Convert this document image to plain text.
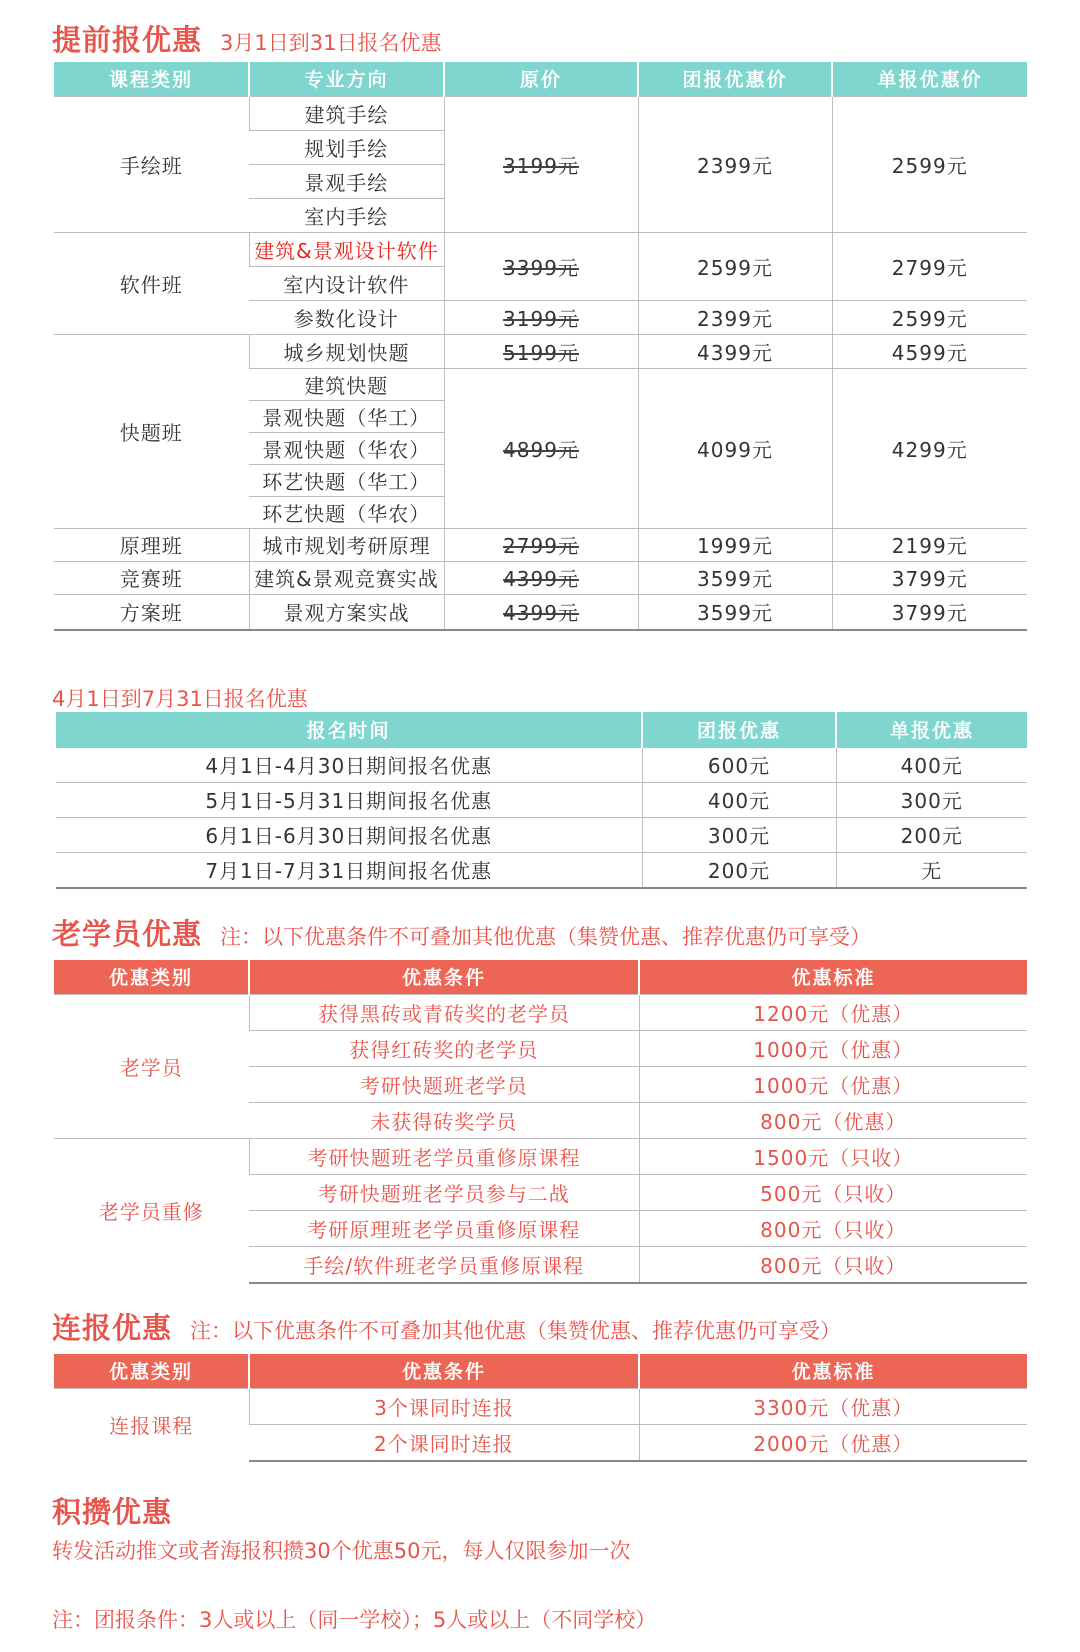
提前报优惠 3月1日到31日报名优惠
课程类别	专业方向	原价	团报优惠价	单报优惠价
手绘班	建筑手绘	3199元	2399元	2599元
	规划手绘			
	景观手绘			
	室内手绘			
软件班	建筑&景观设计软件	3399元	2599元	2799元
	室内设计软件			
	参数化设计	3199元	2399元	2599元
快题班	城乡规划快题	5199元	4399元	4599元
	建筑快题	4899元	4099元	4299元
	景观快题（华工）			
	景观快题（华农）			
	环艺快题（华工）			
	环艺快题（华农）			
原理班	城市规划考研原理	2799元	1999元	2199元
竞赛班	建筑&景观竞赛实战	4399元	3599元	3799元
方案班	景观方案实战	4399元	3599元	3799元
4月1日到7月31日报名优惠
报名时间	团报优惠	单报优惠
4月1日-4月30日期间报名优惠	600元	400元
5月1日-5月31日期间报名优惠	400元	300元
6月1日-6月30日期间报名优惠	300元	200元
7月1日-7月31日期间报名优惠	200元	无
老学员优惠 注：以下优惠条件不可叠加其他优惠（集赞优惠、推荐优惠仍可享受）
优惠类别	优惠条件	优惠标准
老学员	获得黑砖或青砖奖的老学员	1200元（优惠）
	获得红砖奖的老学员	1000元（优惠）
	考研快题班老学员	1000元（优惠）
	未获得砖奖学员	800元（优惠）
老学员重修	考研快题班老学员重修原课程	1500元（只收）
	考研快题班老学员参与二战	500元（只收）
	考研原理班老学员重修原课程	800元（只收）
	手绘/软件班老学员重修原课程	800元（只收）
连报优惠 注：以下优惠条件不可叠加其他优惠（集赞优惠、推荐优惠仍可享受）
优惠类别	优惠条件	优惠标准
连报课程	3个课同时连报	3300元（优惠）
	2个课同时连报	2000元（优惠）
积攒优惠
转发活动推文或者海报积攒30个优惠50元，每人仅限参加一次
注：团报条件：3人或以上（同一学校）；5人或以上（不同学校）
